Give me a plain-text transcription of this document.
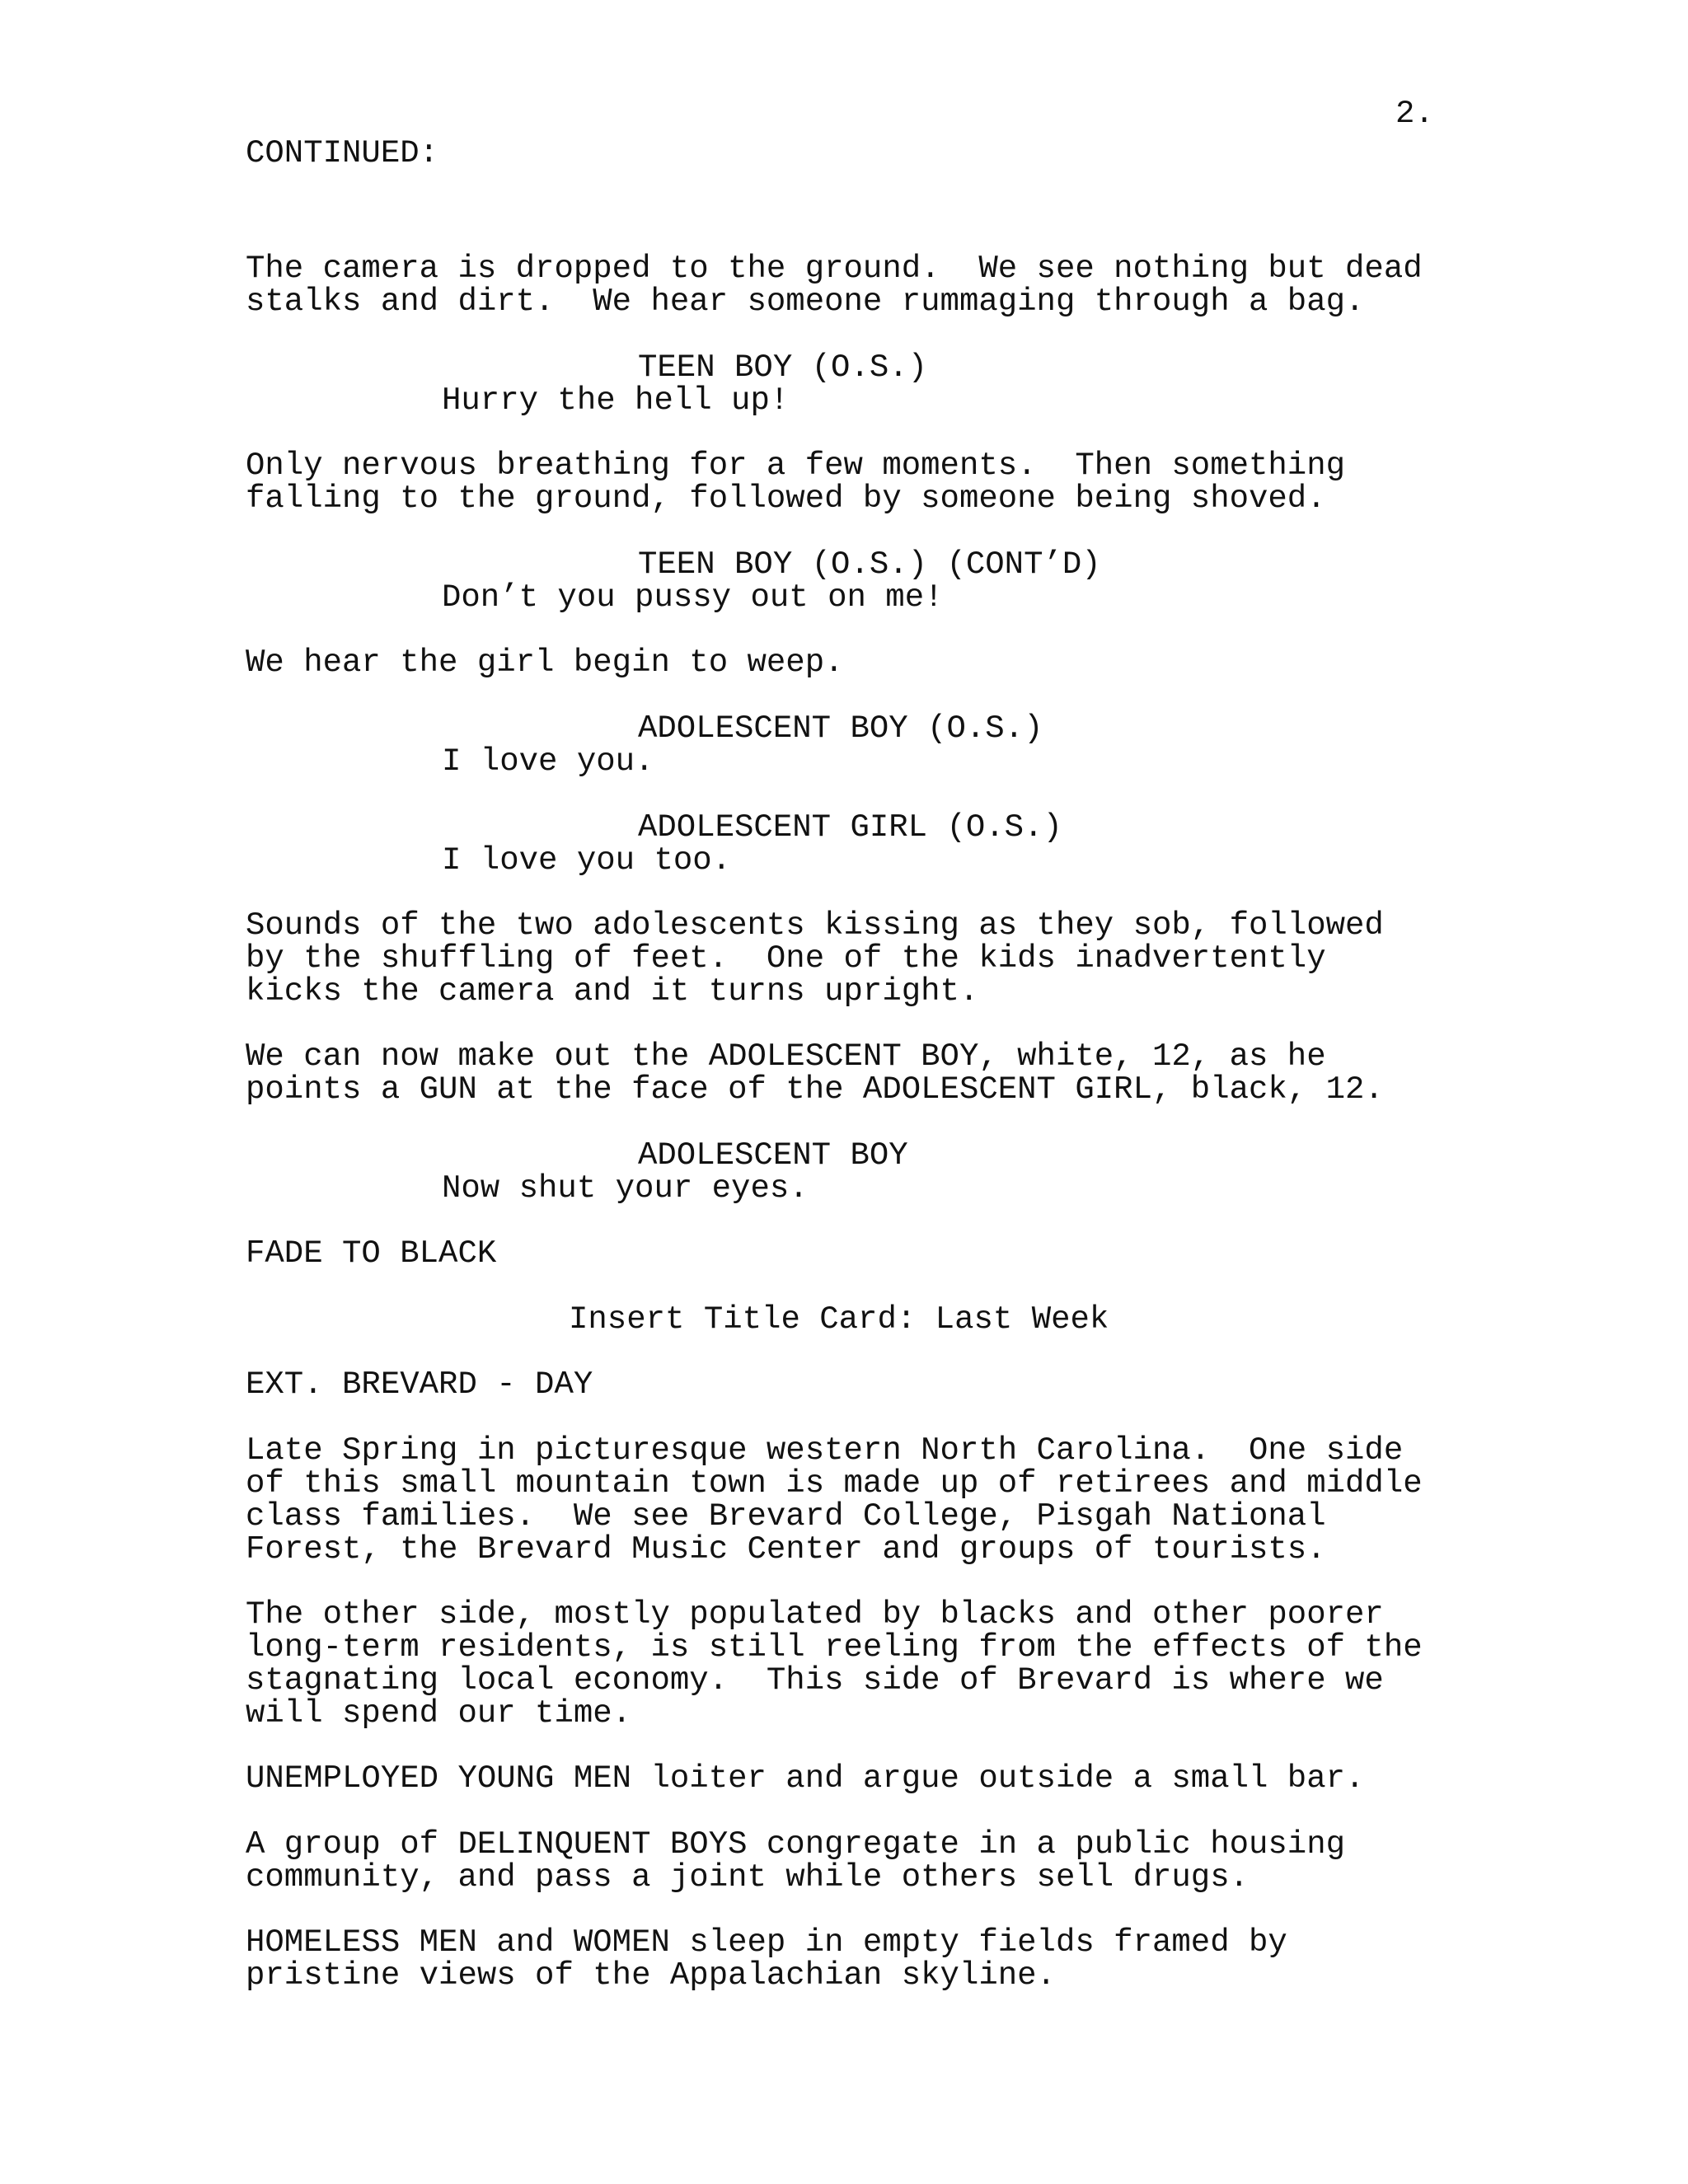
2.
CONTINUED:
The camera is dropped to the ground.  We see nothing but dead
stalks and dirt.  We hear someone rummaging through a bag.
TEEN BOY (O.S.)
Hurry the hell up!
Only nervous breathing for a few moments.  Then something
falling to the ground, followed by someone being shoved.
TEEN BOY (O.S.) (CONT’D)
Don’t you pussy out on me!
We hear the girl begin to weep.
ADOLESCENT BOY (O.S.)
I love you.
ADOLESCENT GIRL (O.S.)
I love you too.
Sounds of the two adolescents kissing as they sob, followed
by the shuffling of feet.  One of the kids inadvertently
kicks the camera and it turns upright.
We can now make out the ADOLESCENT BOY, white, 12, as he
points a GUN at the face of the ADOLESCENT GIRL, black, 12.
ADOLESCENT BOY
Now shut your eyes.
FADE TO BLACK
Insert Title Card: Last Week
EXT. BREVARD - DAY
Late Spring in picturesque western North Carolina.  One side
of this small mountain town is made up of retirees and middle
class families.  We see Brevard College, Pisgah National
Forest, the Brevard Music Center and groups of tourists.
The other side, mostly populated by blacks and other poorer
long-term residents, is still reeling from the effects of the
stagnating local economy.  This side of Brevard is where we
will spend our time.
UNEMPLOYED YOUNG MEN loiter and argue outside a small bar.
A group of DELINQUENT BOYS congregate in a public housing
community, and pass a joint while others sell drugs.
HOMELESS MEN and WOMEN sleep in empty fields framed by
pristine views of the Appalachian skyline.
